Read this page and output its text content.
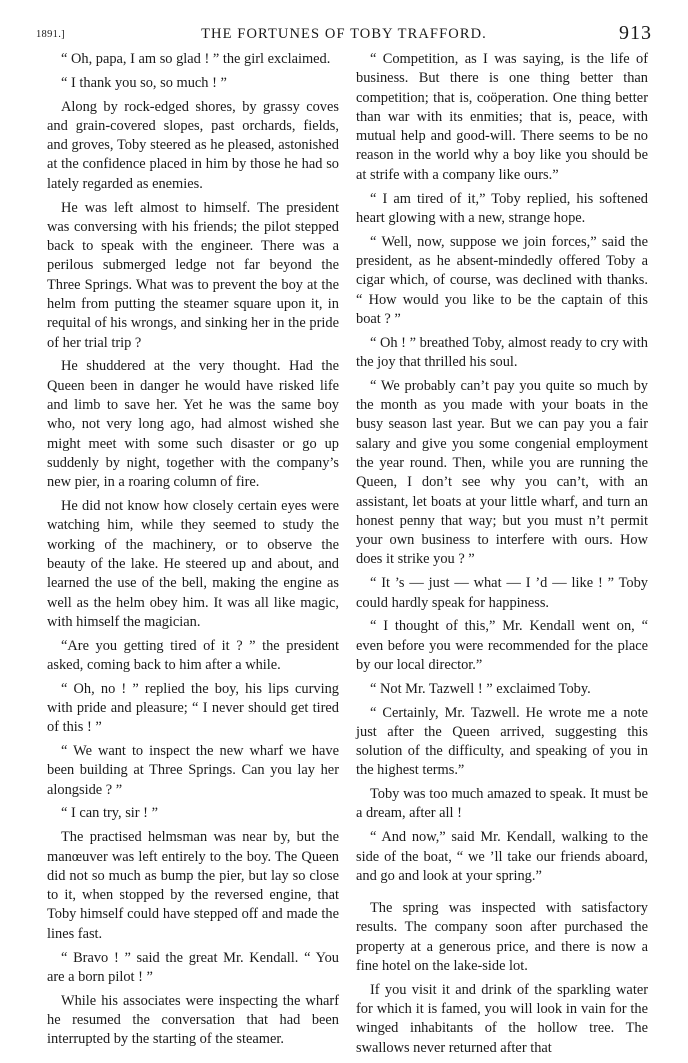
1891.]	THE FORTUNES OF TOBY TRAFFORD.	913

“ Oh, papa, I am so glad ! ” the girl exclaimed.

“ I thank you so, so much ! ”

Along by rock-edged shores, by grassy coves and grain-covered slopes, past orchards, fields, and groves, Toby steered as he pleased, astonished at the confidence placed in him by those he had so lately regarded as enemies.

He was left almost to himself. The president was conversing with his friends; the pilot stepped back to speak with the engineer. There was a perilous submerged ledge not far beyond the Three Springs. What was to prevent the boy at the helm from putting the steamer square upon it, in requital of his wrongs, and sinking her in the pride of her trial trip ?

He shuddered at the very thought. Had the Queen been in danger he would have risked life and limb to save her. Yet he was the same boy who, not very long ago, had almost wished she might meet with some such disaster or go up suddenly by night, together with the company’s new pier, in a roaring column of fire.

He did not know how closely certain eyes were watching him, while they seemed to study the working of the machinery, or to observe the beauty of the lake. He steered up and about, and learned the use of the bell, making the engine as well as the helm obey him. It was all like magic, with himself the magician.

“Are you getting tired of it ? ” the president asked, coming back to him after a while.

“ Oh, no ! ” replied the boy, his lips curving with pride and pleasure; “ I never should get tired of this ! ”

“ We want to inspect the new wharf we have been building at Three Springs. Can you lay her alongside ? ”

“ I can try, sir ! ”

The practised helmsman was near by, but the manœuver was left entirely to the boy. The Queen did not so much as bump the pier, but lay so close to it, when stopped by the reversed engine, that Toby himself could have stepped off and made the lines fast.

“ Bravo ! ” said the great Mr. Kendall. “ You are a born pilot ! ”

While his associates were inspecting the wharf he resumed the conversation that had been interrupted by the starting of the steamer.

“ Competition, as I was saying, is the life of business. But there is one thing better than competition; that is, coöperation. One thing better than war with its enmities; that is, peace, with mutual help and good-will. There seems to be no reason in the world why a boy like you should be at strife with a company like ours.”

“ I am tired of it,” Toby replied, his softened heart glowing with a new, strange hope.

“ Well, now, suppose we join forces,” said the president, as he absent-mindedly offered Toby a cigar which, of course, was declined with thanks. “ How would you like to be the captain of this boat ? ”

“ Oh ! ” breathed Toby, almost ready to cry with the joy that thrilled his soul.

“ We probably can’t pay you quite so much by the month as you made with your boats in the busy season last year. But we can pay you a fair salary and give you some congenial employment the year round. Then, while you are running the Queen, I don’t see why you can’t, with an assistant, let boats at your little wharf, and turn an honest penny that way; but you must n’t permit your own business to interfere with ours. How does it strike you ? ”

“ It ’s — just — what — I ’d — like ! ” Toby could hardly speak for happiness.

“ I thought of this,” Mr. Kendall went on, “ even before you were recommended for the place by our local director.”

“ Not Mr. Tazwell ! ” exclaimed Toby.

“ Certainly, Mr. Tazwell. He wrote me a note just after the Queen arrived, suggesting this solution of the difficulty, and speaking of you in the highest terms.”

Toby was too much amazed to speak. It must be a dream, after all !

“ And now,” said Mr. Kendall, walking to the side of the boat, “ we ’ll take our friends aboard, and go and look at your spring.”

The spring was inspected with satisfactory results. The company soon after purchased the property at a generous price, and there is now a fine hotel on the lake-side lot.

If you visit it and drink of the sparkling water for which it is famed, you will look in vain for the winged inhabitants of the hollow tree. The swallows never returned after that
